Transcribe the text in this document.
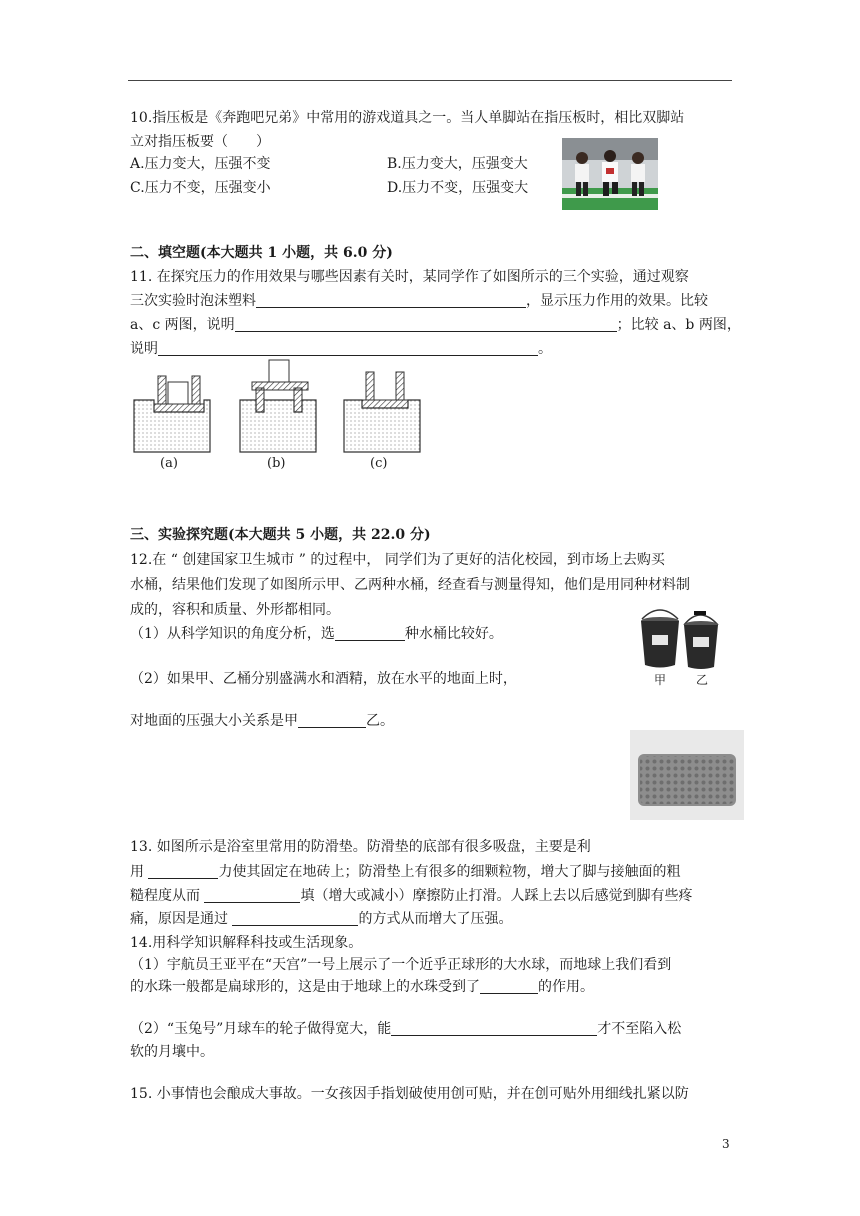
10.指压板是《奔跑吧兄弟》中常用的游戏道具之一。当人单脚站在指压板时，相比双脚站
立对指压板要（　　）
A.压力变大，压强不变	B.压力变大，压强变大
C.压力不变，压强变小	D.压力不变，压强变大
二、填空题(本大题共 1 小题，共 6.0 分)
11. 在探究压力的作用效果与哪些因素有关时，某同学作了如图所示的三个实验，通过观察
三次实验时泡沫塑料	，显示压力作用的效果。比较
a、c 两图，说明	；比较 a、b 两图，
说明	。
(a)	(b)	(c)
三、实验探究题(本大题共 5 小题，共 22.0 分)
12.在 “ 创建国家卫生城市 ” 的过程中， 同学们为了更好的洁化校园，到市场上去购买
水桶，结果他们发现了如图所示甲、乙两种水桶，经查看与测量得知，他们是用同种材料制
成的，容积和质量、外形都相同。
（1）从科学知识的角度分析，选	种水桶比较好。
（2）如果甲、乙桶分别盛满水和酒精，放在水平的地面上时，
对地面的压强大小关系是甲	乙。
甲 乙
13. 如图所示是浴室里常用的防滑垫。防滑垫的底部有很多吸盘，主要是利
用	力使其固定在地砖上；防滑垫上有很多的细颗粒物，增大了脚与接触面的粗
糙程度从而	填（增大或减小）摩擦防止打滑。人踩上去以后感觉到脚有些疼
痛，原因是通过	的方式从而增大了压强。
14.用科学知识解释科技或生活现象。
（1）宇航员王亚平在“天宫”一号上展示了一个近乎正球形的大水球，而地球上我们看到
的水珠一般都是扁球形的，这是由于地球上的水珠受到了	的作用。
（2）“玉兔号”月球车的轮子做得宽大，能	才不至陷入松
软的月壤中。
15. 小事情也会酿成大事故。一女孩因手指划破使用创可贴，并在创可贴外用细线扎紧以防
3
